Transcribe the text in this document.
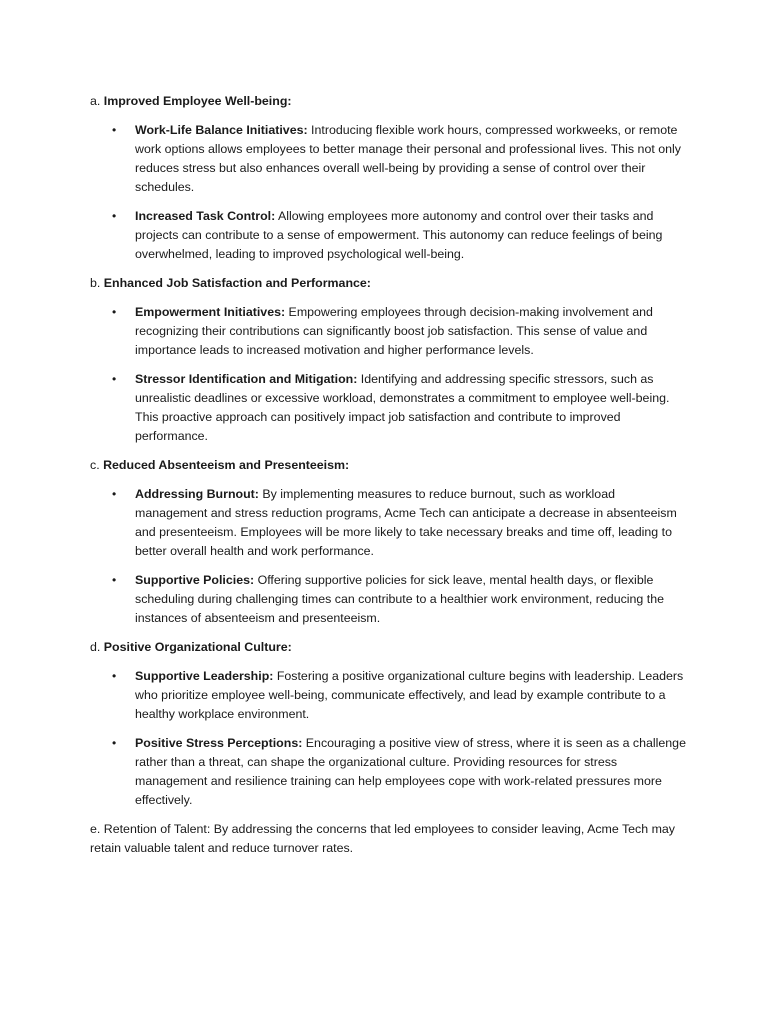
a. Improved Employee Well-being:

• Work-Life Balance Initiatives: Introducing flexible work hours, compressed workweeks, or remote work options allows employees to better manage their personal and professional lives. This not only reduces stress but also enhances overall well-being by providing a sense of control over their schedules.
• Increased Task Control: Allowing employees more autonomy and control over their tasks and projects can contribute to a sense of empowerment. This autonomy can reduce feelings of being overwhelmed, leading to improved psychological well-being.

b. Enhanced Job Satisfaction and Performance:

• Empowerment Initiatives: Empowering employees through decision-making involvement and recognizing their contributions can significantly boost job satisfaction. This sense of value and importance leads to increased motivation and higher performance levels.
• Stressor Identification and Mitigation: Identifying and addressing specific stressors, such as unrealistic deadlines or excessive workload, demonstrates a commitment to employee well-being. This proactive approach can positively impact job satisfaction and contribute to improved performance.

c. Reduced Absenteeism and Presenteeism:

• Addressing Burnout: By implementing measures to reduce burnout, such as workload management and stress reduction programs, Acme Tech can anticipate a decrease in absenteeism and presenteeism. Employees will be more likely to take necessary breaks and time off, leading to better overall health and work performance.
• Supportive Policies: Offering supportive policies for sick leave, mental health days, or flexible scheduling during challenging times can contribute to a healthier work environment, reducing the instances of absenteeism and presenteeism.

d. Positive Organizational Culture:

• Supportive Leadership: Fostering a positive organizational culture begins with leadership. Leaders who prioritize employee well-being, communicate effectively, and lead by example contribute to a healthy workplace environment.
• Positive Stress Perceptions: Encouraging a positive view of stress, where it is seen as a challenge rather than a threat, can shape the organizational culture. Providing resources for stress management and resilience training can help employees cope with work-related pressures more effectively.

e. Retention of Talent: By addressing the concerns that led employees to consider leaving, Acme Tech may retain valuable talent and reduce turnover rates.
